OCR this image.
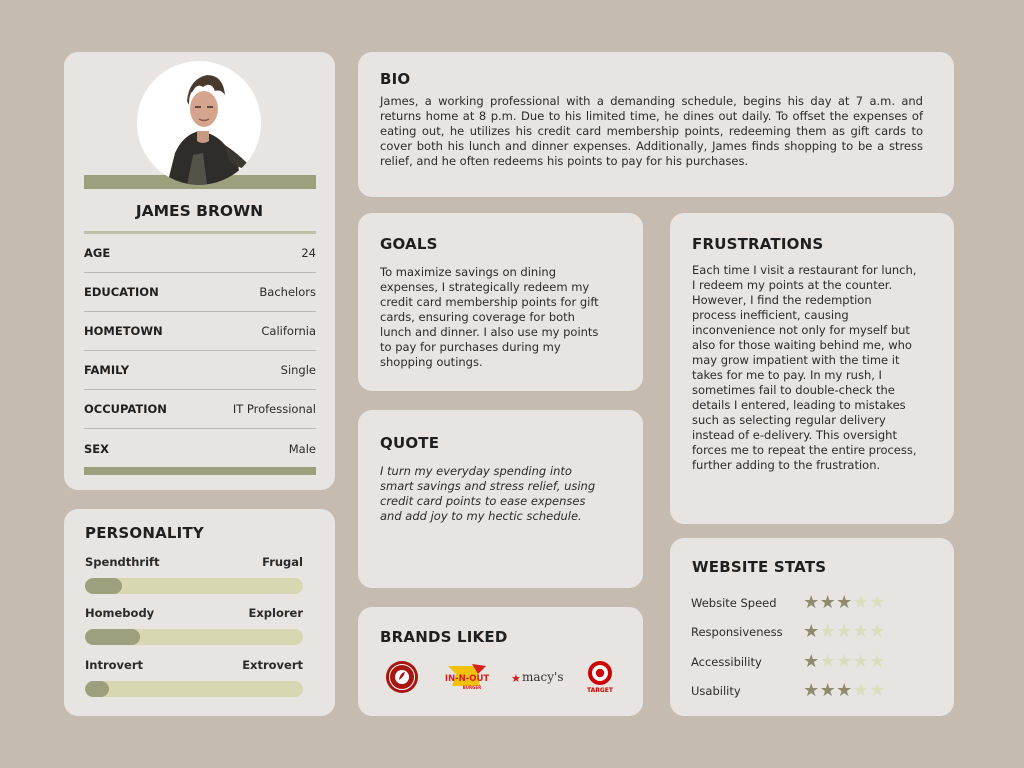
JAMES BROWN
AGE	24
EDUCATION	Bachelors
HOMETOWN	California
FAMILY	Single
OCCUPATION	IT Professional
SEX	Male
PERSONALITY
Spendthrift	Frugal
Homebody	Explorer
Introvert	Extrovert
BIO

James, a working professional with a demanding schedule, begins his day at 7 a.m. and returns home at 8 p.m. Due to his limited time, he dines out daily. To offset the expenses of eating out, he utilizes his credit card membership points, redeeming them as gift cards to cover both his lunch and dinner expenses. Additionally, James finds shopping to be a stress relief, and he often redeems his points to pay for his purchases.

GOALS

To maximize savings on dining expenses, I strategically redeem my credit card membership points for gift cards, ensuring coverage for both lunch and dinner. I also use my points to pay for purchases during my shopping outings.

QUOTE

I turn my everyday spending into smart savings and stress relief, using credit card points to ease expenses and add joy to my hectic schedule.

BRANDS LIKED
IN-N-OUT
BURGER
★ macy's
TARGET
FRUSTRATIONS

Each time I visit a restaurant for lunch, I redeem my points at the counter. However, I find the redemption process inefficient, causing inconvenience not only for myself but also for those waiting behind me, who may grow impatient with the time it takes for me to pay. In my rush, I sometimes fail to double-check the details I entered, leading to mistakes such as selecting regular delivery instead of e-delivery. This oversight forces me to repeat the entire process, further adding to the frustration.

WEBSITE STATS
Website Speed	★ ★ ★ ★ ★
Responsiveness	★ ★ ★ ★ ★
Accessibility	★ ★ ★ ★ ★
Usability	★ ★ ★ ★ ★
